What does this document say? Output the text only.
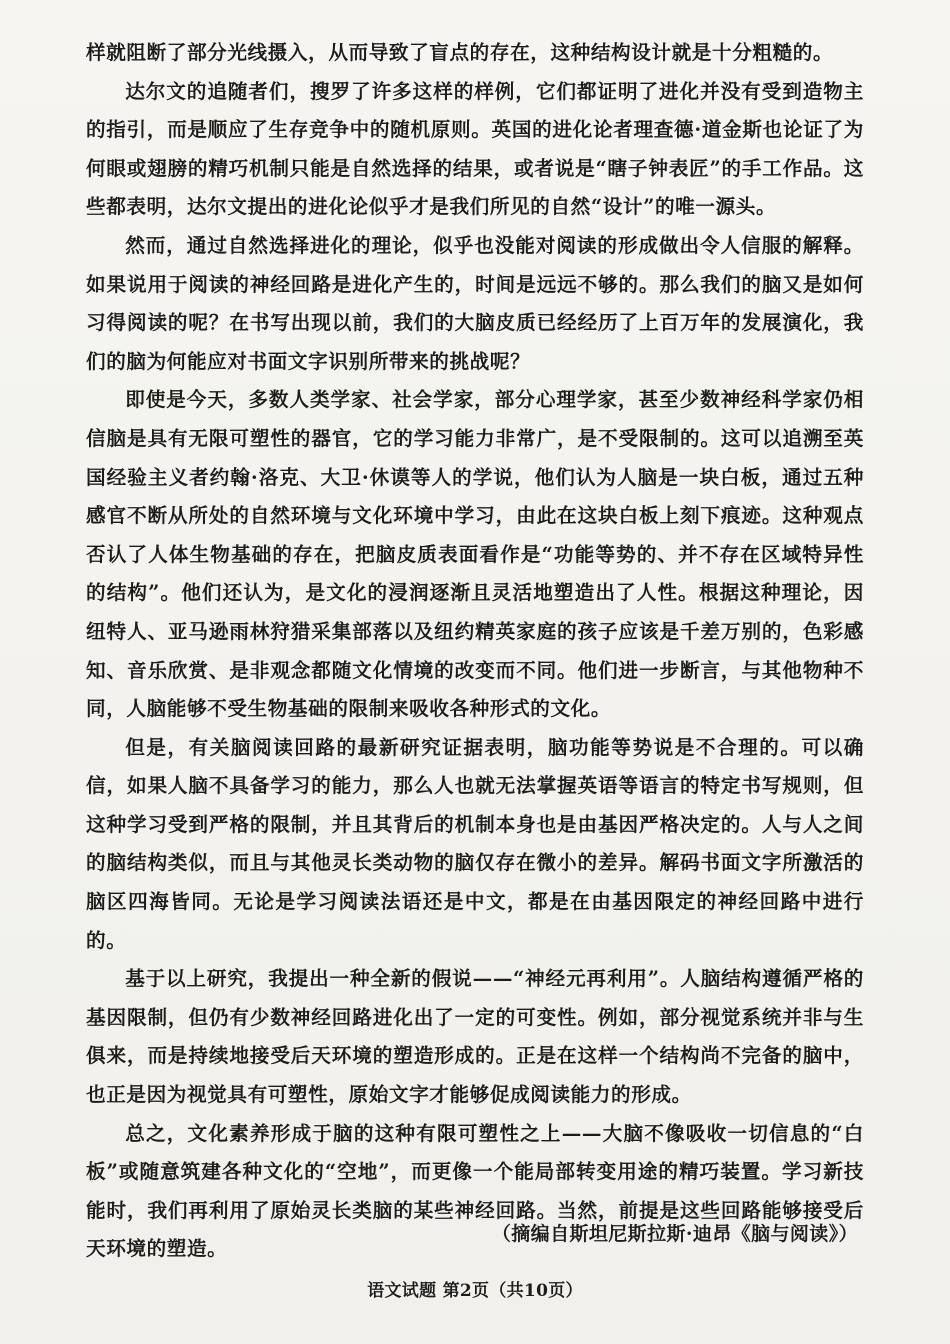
样就阻断了部分光线摄入，从而导致了盲点的存在，这种结构设计就是十分粗糙的。

达尔文的追随者们，搜罗了许多这样的样例，它们都证明了进化并没有受到造物主的指引，而是顺应了生存竞争中的随机原则。英国的进化论者理查德·道金斯也论证了为何眼或翅膀的精巧机制只能是自然选择的结果，或者说是“瞎子钟表匠”的手工作品。这些都表明，达尔文提出的进化论似乎才是我们所见的自然“设计”的唯一源头。

然而，通过自然选择进化的理论，似乎也没能对阅读的形成做出令人信服的解释。如果说用于阅读的神经回路是进化产生的，时间是远远不够的。那么我们的脑又是如何习得阅读的呢？在书写出现以前，我们的大脑皮质已经经历了上百万年的发展演化，我们的脑为何能应对书面文字识别所带来的挑战呢？

即使是今天，多数人类学家、社会学家，部分心理学家，甚至少数神经科学家仍相信脑是具有无限可塑性的器官，它的学习能力非常广，是不受限制的。这可以追溯至英国经验主义者约翰·洛克、大卫·休谟等人的学说，他们认为人脑是一块白板，通过五种感官不断从所处的自然环境与文化环境中学习，由此在这块白板上刻下痕迹。这种观点否认了人体生物基础的存在，把脑皮质表面看作是“功能等势的、并不存在区域特异性的结构”。他们还认为，是文化的浸润逐渐且灵活地塑造出了人性。根据这种理论，因纽特人、亚马逊雨林狩猎采集部落以及纽约精英家庭的孩子应该是千差万别的，色彩感知、音乐欣赏、是非观念都随文化情境的改变而不同。他们进一步断言，与其他物种不同，人脑能够不受生物基础的限制来吸收各种形式的文化。

但是，有关脑阅读回路的最新研究证据表明，脑功能等势说是不合理的。可以确信，如果人脑不具备学习的能力，那么人也就无法掌握英语等语言的特定书写规则，但这种学习受到严格的限制，并且其背后的机制本身也是由基因严格决定的。人与人之间的脑结构类似，而且与其他灵长类动物的脑仅存在微小的差异。解码书面文字所激活的脑区四海皆同。无论是学习阅读法语还是中文，都是在由基因限定的神经回路中进行的。

基于以上研究，我提出一种全新的假说——“神经元再利用”。人脑结构遵循严格的基因限制，但仍有少数神经回路进化出了一定的可变性。例如，部分视觉系统并非与生俱来，而是持续地接受后天环境的塑造形成的。正是在这样一个结构尚不完备的脑中，也正是因为视觉具有可塑性，原始文字才能够促成阅读能力的形成。

总之，文化素养形成于脑的这种有限可塑性之上——大脑不像吸收一切信息的“白板”或随意筑建各种文化的“空地”，而更像一个能局部转变用途的精巧装置。学习新技能时，我们再利用了原始灵长类脑的某些神经回路。当然，前提是这些回路能够接受后天环境的塑造。

（摘编自斯坦尼斯拉斯·迪昂《脑与阅读》）
语文试题 第2页（共10页）
